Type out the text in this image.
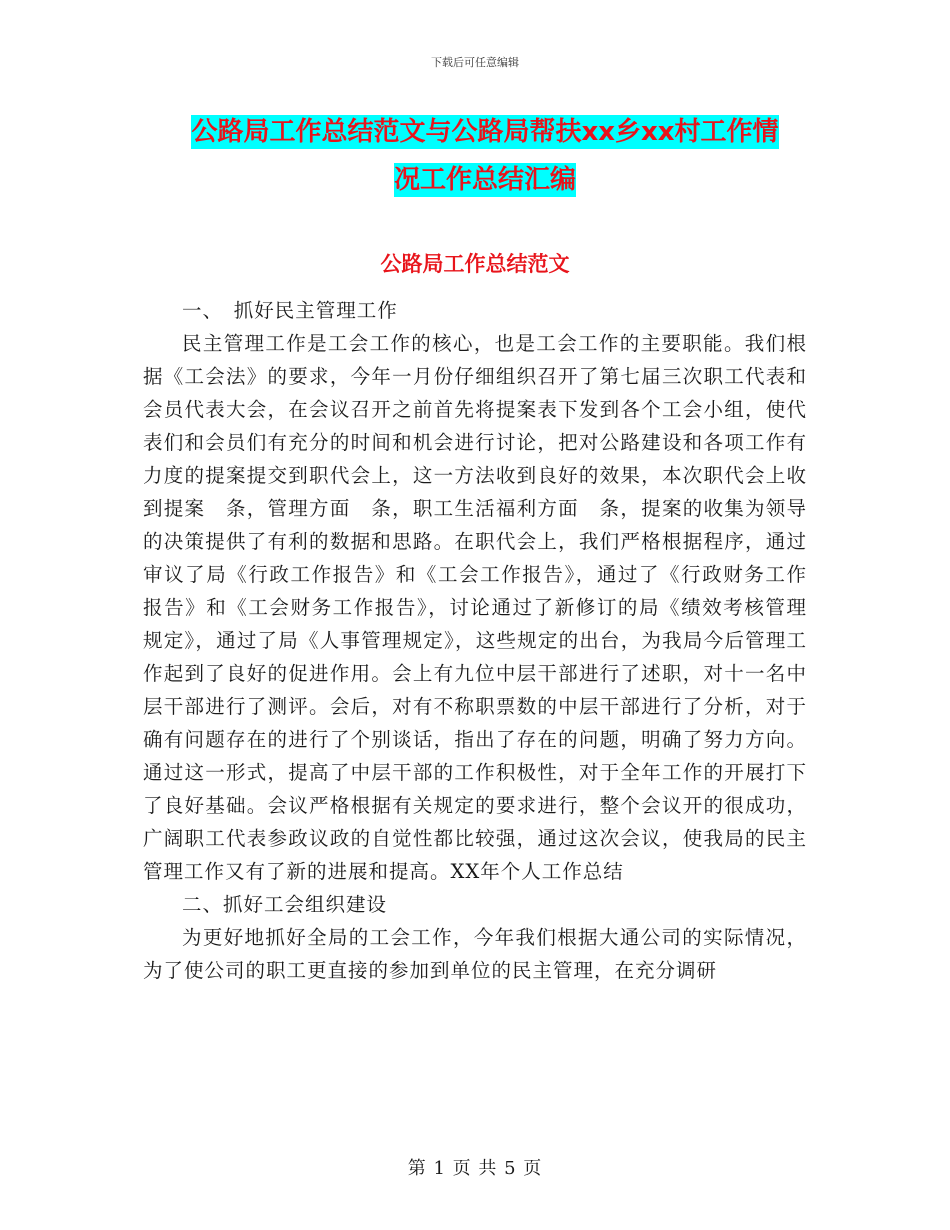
下载后可任意编辑
公路局工作总结范文与公路局帮扶xx乡xx村工作情
况工作总结汇编
公路局工作总结范文

一、　抓好民主管理工作

民主管理工作是工会工作的核心，也是工会工作的主要职能。我们根据《工会法》的要求，今年一月份仔细组织召开了第七届三次职工代表和会员代表大会，在会议召开之前首先将提案表下发到各个工会小组，使代表们和会员们有充分的时间和机会进行讨论，把对公路建设和各项工作有力度的提案提交到职代会上，这一方法收到良好的效果，本次职代会上收到提案　条，管理方面　条，职工生活福利方面　条，提案的收集为领导的决策提供了有利的数据和思路。在职代会上，我们严格根据程序，通过审议了局《行政工作报告》和《工会工作报告》，通过了《行政财务工作报告》和《工会财务工作报告》，讨论通过了新修订的局《绩效考核管理规定》，通过了局《人事管理规定》，这些规定的出台，为我局今后管理工作起到了良好的促进作用。会上有九位中层干部进行了述职，对十一名中层干部进行了测评。会后，对有不称职票数的中层干部进行了分析，对于确有问题存在的进行了个别谈话，指出了存在的问题，明确了努力方向。通过这一形式，提高了中层干部的工作积极性，对于全年工作的开展打下了良好基础。会议严格根据有关规定的要求进行，整个会议开的很成功，广阔职工代表参政议政的自觉性都比较强，通过这次会议，使我局的民主管理工作又有了新的进展和提高。XX年个人工作总结

二、抓好工会组织建设

为更好地抓好全局的工会工作，今年我们根据大通公司的实际情况，为了使公司的职工更直接的参加到单位的民主管理，在充分调研

第 1 页 共 5 页
